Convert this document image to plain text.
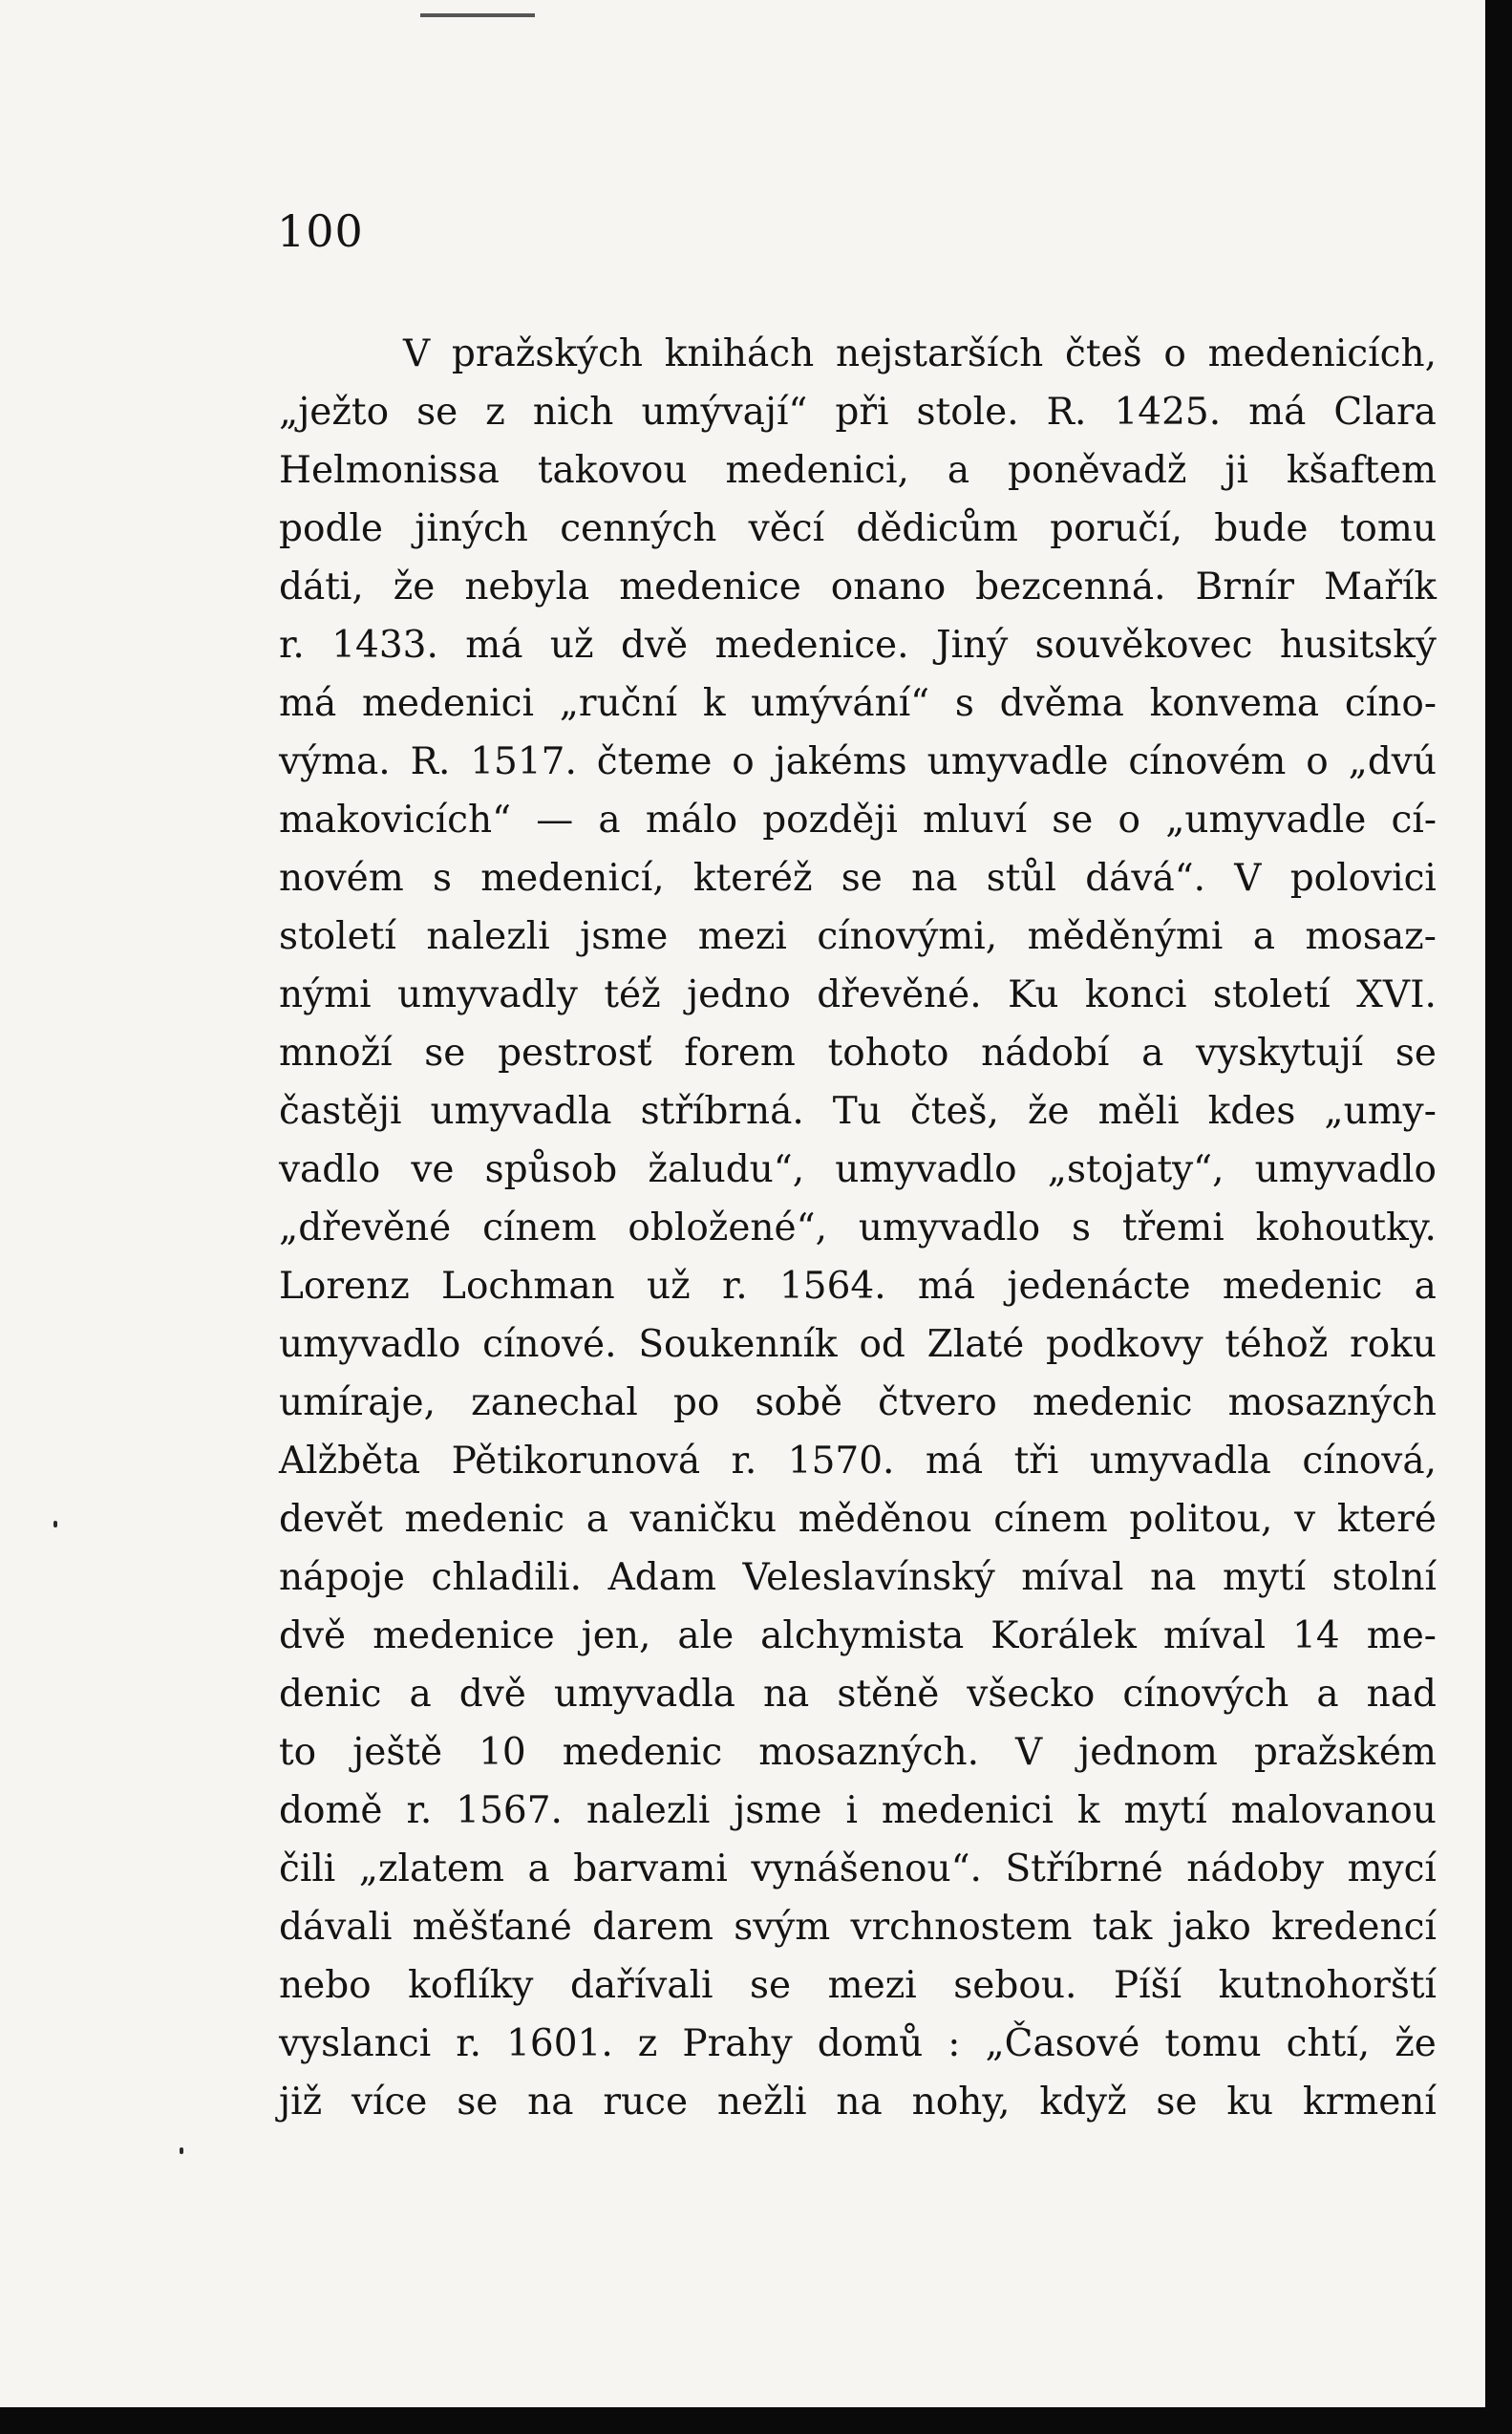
100
V pražských knihách nejstarších čteš o medenicích,
„ježto se z nich umývají“ při stole. R. 1425. má Clara
Helmonissa takovou medenici, a poněvadž ji kšaftem
podle jiných cenných věcí dědicům poručí, bude tomu
dáti, že nebyla medenice onano bezcenná. Brnír Mařík
r. 1433. má už dvě medenice. Jiný souvěkovec husitský
má medenici „ruční k umývání“ s dvěma konvema cíno-
výma. R. 1517. čteme o jakéms umyvadle cínovém o „dvú
makovicích“ — a málo později mluví se o „umyvadle cí-
novém s medenicí, kteréž se na stůl dává“. V polovici
století nalezli jsme mezi cínovými, měděnými a mosaz-
nými umyvadly též jedno dřevěné. Ku konci století XVI.
množí se pestrosť forem tohoto nádobí a vyskytují se
častěji umyvadla stříbrná. Tu čteš, že měli kdes „umy-
vadlo ve spůsob žaludu“, umyvadlo „stojaty“, umyvadlo
„dřevěné cínem obložené“, umyvadlo s třemi kohoutky.
Lorenz Lochman už r. 1564. má jedenácte medenic a
umyvadlo cínové. Soukenník od Zlaté podkovy téhož roku
umíraje, zanechal po sobě čtvero medenic mosazných
Alžběta Pětikorunová r. 1570. má tři umyvadla cínová,
devět medenic a vaničku měděnou cínem politou, v které
nápoje chladili. Adam Veleslavínský míval na mytí stolní
dvě medenice jen, ale alchymista Korálek míval 14 me-
denic a dvě umyvadla na stěně všecko cínových a nad
to ještě 10 medenic mosazných. V jednom pražském
domě r. 1567. nalezli jsme i medenici k mytí malovanou
čili „zlatem a barvami vynášenou“. Stříbrné nádoby mycí
dávali měšťané darem svým vrchnostem tak jako kredencí
nebo koflíky dařívali se mezi sebou. Píší kutnohorští
vyslanci r. 1601. z Prahy domů : „Časové tomu chtí, že
již více se na ruce nežli na nohy, když se ku krmení
